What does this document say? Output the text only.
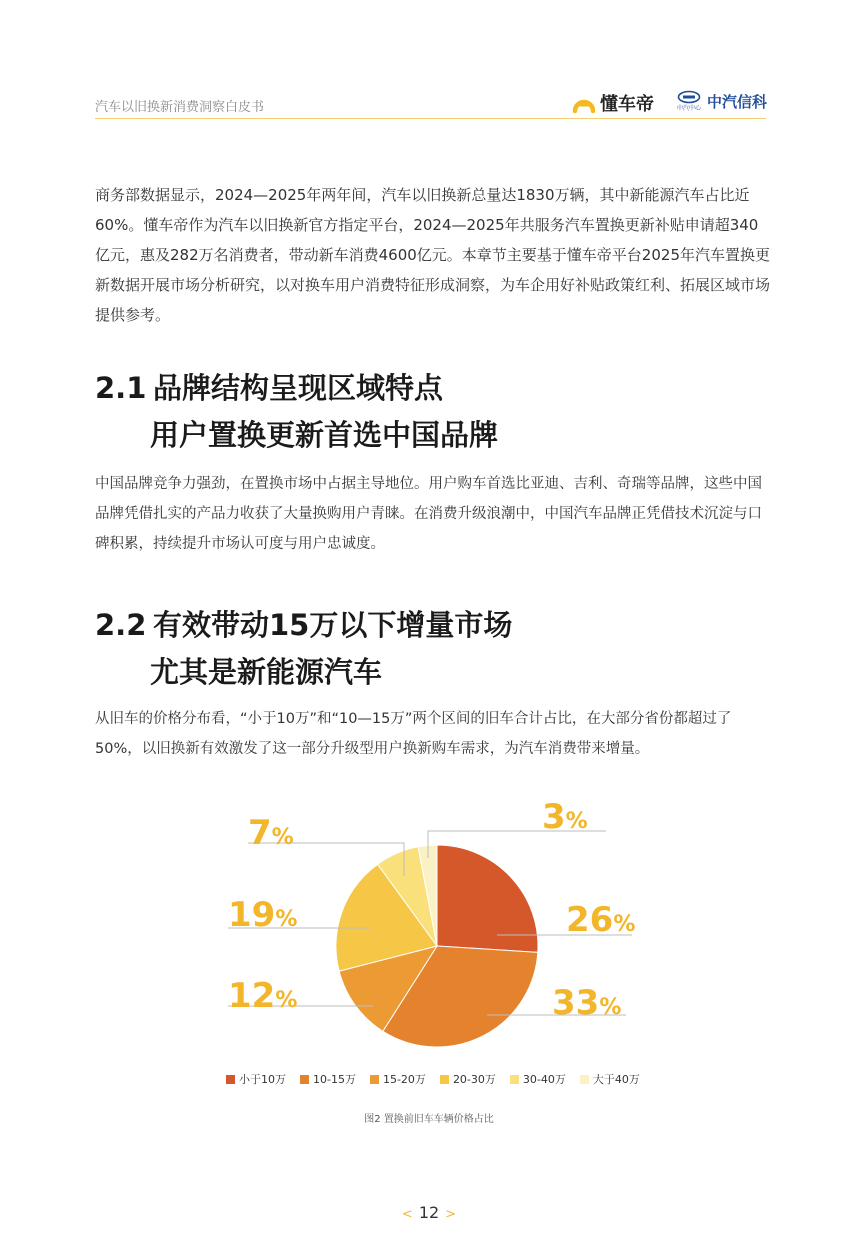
汽车以旧换新消费洞察白皮书	懂车帝	中汽中心 中汽信科

商务部数据显示，2024—2025年两年间，汽车以旧换新总量达1830万辆，其中新能源汽车占比近60%。懂车帝作为汽车以旧换新官方指定平台，2024—2025年共服务汽车置换更新补贴申请超340亿元，惠及282万名消费者，带动新车消费4600亿元。本章节主要基于懂车帝平台2025年汽车置换更新数据开展市场分析研究，以对换车用户消费特征形成洞察，为车企用好补贴政策红利、拓展区域市场提供参考。

2.1 品牌结构呈现区域特点
用户置换更新首选中国品牌

中国品牌竞争力强劲，在置换市场中占据主导地位。用户购车首选比亚迪、吉利、奇瑞等品牌，这些中国品牌凭借扎实的产品力收获了大量换购用户青睐。在消费升级浪潮中，中国汽车品牌正凭借技术沉淀与口碑积累，持续提升市场认可度与用户忠诚度。

2.2 有效带动15万以下增量市场
尤其是新能源汽车

从旧车的价格分布看，“小于10万”和“10—15万”两个区间的旧车合计占比，在大部分省份都超过了50%，以旧换新有效激发了这一部分升级型用户换新购车需求，为汽车消费带来增量。

26%
33%
12%
19%
7%
3%
小于10万 10-15万 15-20万 20-30万 30-40万 大于40万
图2 置换前旧车车辆价格占比
< 12 >
